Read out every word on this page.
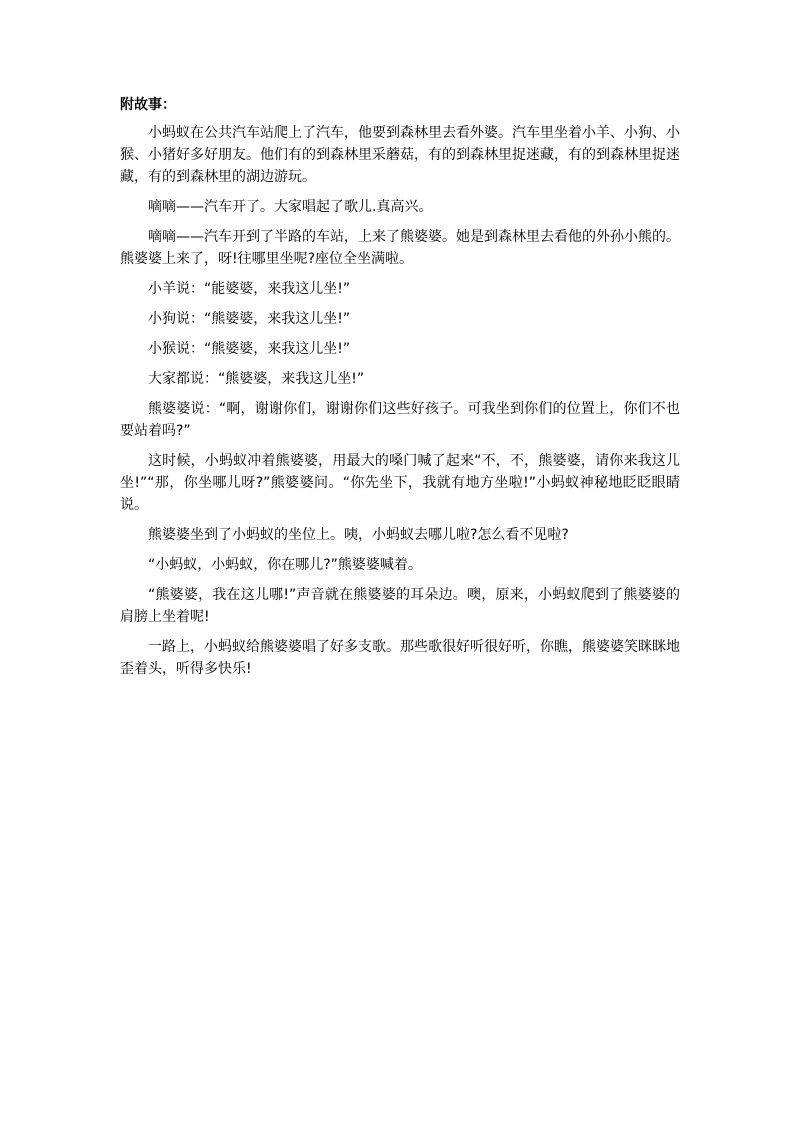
附故事：

小蚂蚁在公共汽车站爬上了汽车，他要到森林里去看外婆。汽车里坐着小羊、小狗、小猴、小猪好多好朋友。他们有的到森林里采蘑菇，有的到森林里捉迷藏，有的到森林里捉迷藏，有的到森林里的湖边游玩。

嘀嘀——汽车开了。大家唱起了歌儿.真高兴。

嘀嘀——汽车开到了半路的车站，上来了熊婆婆。她是到森林里去看他的外孙小熊的。熊婆婆上来了，呀!往哪里坐呢?座位全坐满啦。

小羊说：“能婆婆，来我这儿坐!”

小狗说：“熊婆婆，来我这儿坐!”

小猴说：“熊婆婆，来我这儿坐!”

大家都说：“熊婆婆，来我这儿坐!”

熊婆婆说：“啊，谢谢你们，谢谢你们这些好孩子。可我坐到你们的位置上，你们不也要站着吗?”

这时候，小蚂蚁冲着熊婆婆，用最大的嗓门喊了起来“不，不，熊婆婆，请你来我这儿坐!”“那，你坐哪儿呀?”熊婆婆问。“你先坐下，我就有地方坐啦!”小蚂蚁神秘地眨眨眼睛说。

熊婆婆坐到了小蚂蚁的坐位上。咦，小蚂蚁去哪儿啦?怎么看不见啦?

“小蚂蚁，小蚂蚁，你在哪儿?”熊婆婆喊着。

“熊婆婆，我在这儿哪!”声音就在熊婆婆的耳朵边。噢，原来，小蚂蚁爬到了熊婆婆的肩膀上坐着呢!

一路上，小蚂蚁给熊婆婆唱了好多支歌。那些歌很好听很好听，你瞧，熊婆婆笑眯眯地歪着头，听得多快乐!
